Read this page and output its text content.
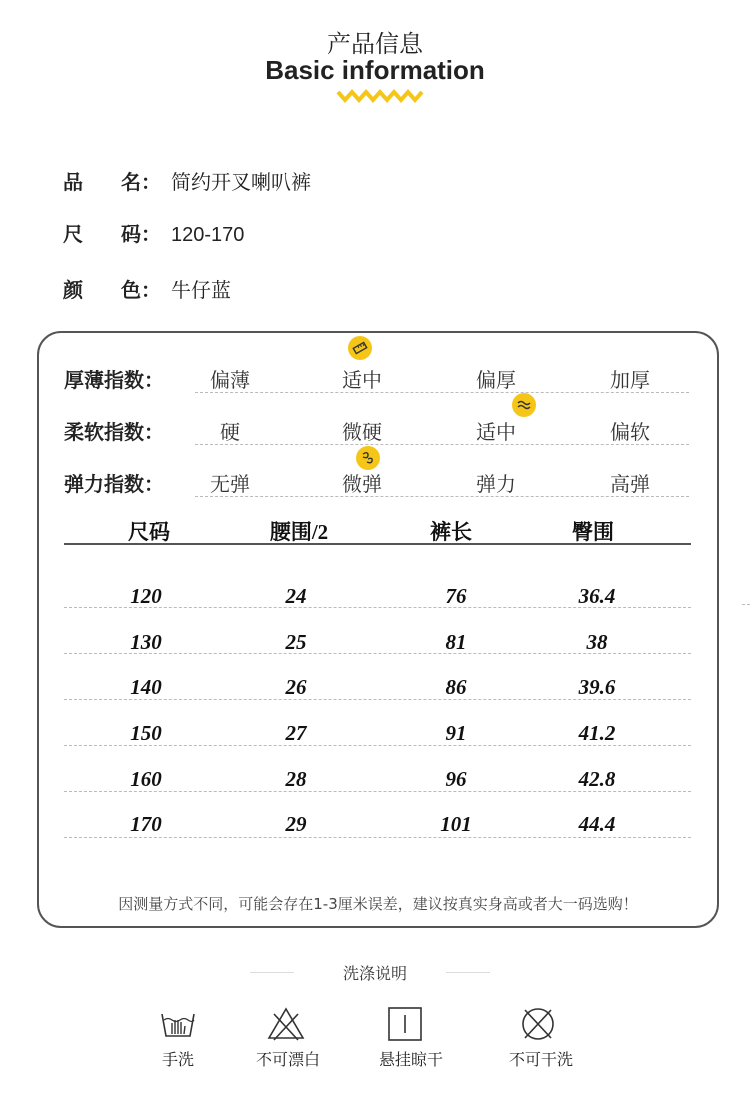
产品信息
Basic information
品 名： 简约开叉喇叭裤
尺 码： 120-170
颜 色： 牛仔蓝
厚薄指数：	偏薄	适中	偏厚	加厚
柔软指数：	硬	微硬	适中	偏软
弹力指数：	无弹	微弹	弹力	高弹
尺码	腰围/2	裤长	臀围
120	24	76	36.4
130	25	81	38
140	26	86	39.6
150	27	91	41.2
160	28	96	42.8
170	29	101	44.4
因测量方式不同，可能会存在1-3厘米误差，建议按真实身高或者大一码选购！
洗涤说明
手洗	不可漂白	悬挂晾干	不可干洗
